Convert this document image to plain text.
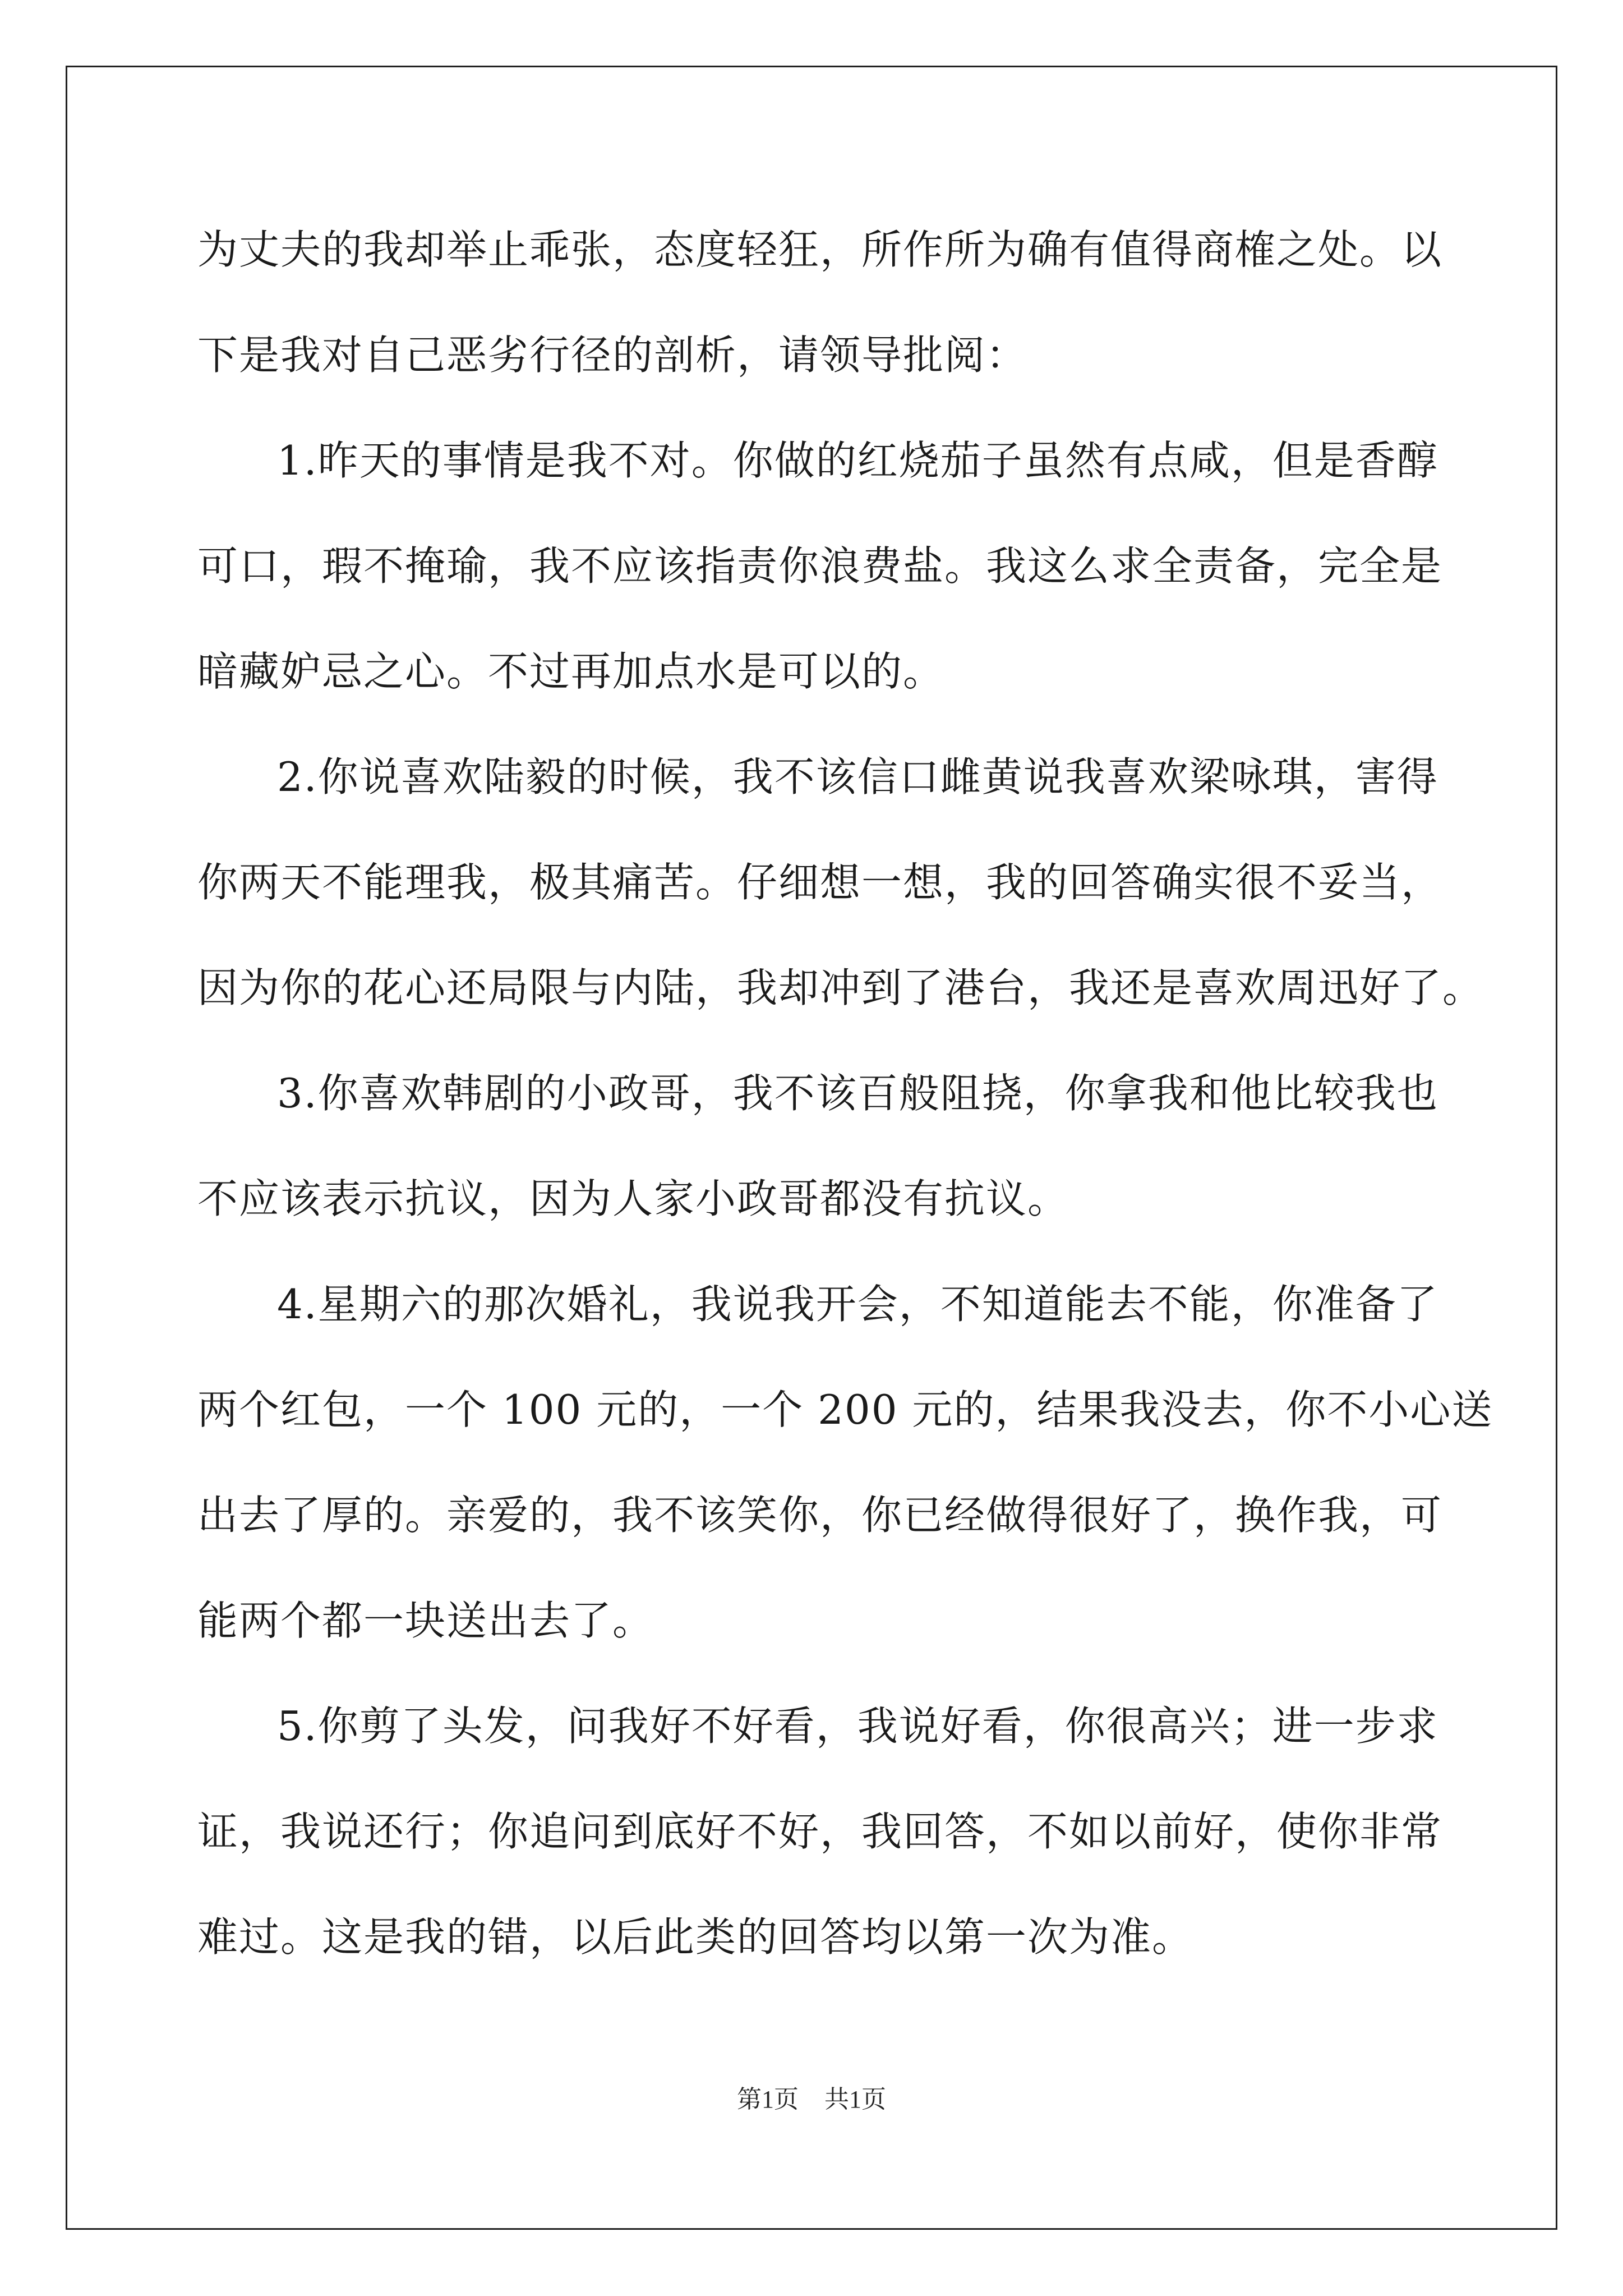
为丈夫的我却举止乖张，态度轻狂，所作所为确有值得商榷之处。以
下是我对自己恶劣行径的剖析，请领导批阅：
1.昨天的事情是我不对。你做的红烧茄子虽然有点咸，但是香醇
可口，瑕不掩瑜，我不应该指责你浪费盐。我这么求全责备，完全是
暗藏妒忌之心。不过再加点水是可以的。
2.你说喜欢陆毅的时候，我不该信口雌黄说我喜欢梁咏琪，害得
你两天不能理我，极其痛苦。仔细想一想，我的回答确实很不妥当，
因为你的花心还局限与内陆，我却冲到了港台，我还是喜欢周迅好了。
3.你喜欢韩剧的小政哥，我不该百般阻挠，你拿我和他比较我也
不应该表示抗议，因为人家小政哥都没有抗议。
4.星期六的那次婚礼，我说我开会，不知道能去不能，你准备了
两个红包，一个 100 元的，一个 200 元的，结果我没去，你不小心送
出去了厚的。亲爱的，我不该笑你，你已经做得很好了，换作我，可
能两个都一块送出去了。
5.你剪了头发，问我好不好看，我说好看，你很高兴；进一步求
证，我说还行；你追问到底好不好，我回答，不如以前好，使你非常
难过。这是我的错，以后此类的回答均以第一次为准。
第1页 共1页
